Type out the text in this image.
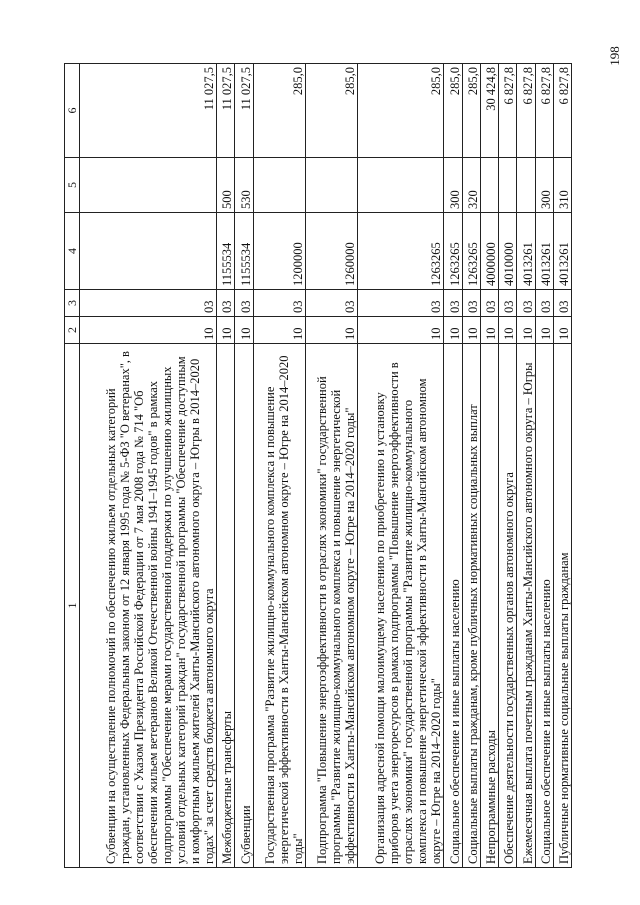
198
1	2	3	4	5	6
Субвенции на осуществление полномочий по обеспечению жильем отдельных категорий граждан, установленных Федеральным законом от 12 января 1995 года № 5-ФЗ "О ветеранах", в соответствии с Указом Президента Российской Федерации от 7 мая 2008 года № 714 "Об обеспечении жильем ветеранов Великой Отечественной войны 1941–1945 годов" в рамках подпрограммы "Обеспечение мерами государственной поддержки по улучшению жилищных условий отдельных категорий граждан" государственной программы "Обеспечение доступным и комфортным жильем жителей Ханты-Мансийского автономного округа – Югры в 2014–2020 годах" за счет средств бюджета автономного округа	10	03			11 027,5
Межбюджетные трансферты	10	03	1155534	500	11 027,5
Субвенции	10	03	1155534	530	11 027,5
Государственная программа "Развитие жилищно-коммунального комплекса и повышение энергетической эффективности в Ханты-Мансийском автономном округе – Югре на 2014–2020 годы"	10	03	1200000		285,0
Подпрограмма "Повышение энергоэффективности в отраслях экономики" государственной программы "Развитие жилищно-коммунального комплекса и повышение энергетической эффективности в Ханты-Мансийском автономном округе – Югре на 2014–2020 годы"	10	03	1260000		285,0
Организация адресной помощи малоимущему населению по приобретению и установку приборов учета энергоресурсов в рамках подпрограммы "Повышение энергоэффективности в отраслях экономики" государственной программы "Развитие жилищно-коммунального комплекса и повышение энергетической эффективности в Ханты-Мансийском автономном округе – Югре на 2014–2020 годы"	10	03	1263265		285,0
Социальное обеспечение и иные выплаты населению	10	03	1263265	300	285,0
Социальные выплаты гражданам, кроме публичных нормативных социальных выплат	10	03	1263265	320	285,0
Непрограммные расходы	10	03	4000000		30 424,8
Обеспечение деятельности государственных органов автономного округа	10	03	4010000		6 827,8
Ежемесячная выплата почетным гражданам Ханты-Мансийского автономного округа – Югры	10	03	4013261		6 827,8
Социальное обеспечение и иные выплаты населению	10	03	4013261	300	6 827,8
Публичные нормативные социальные выплаты гражданам	10	03	4013261	310	6 827,8
